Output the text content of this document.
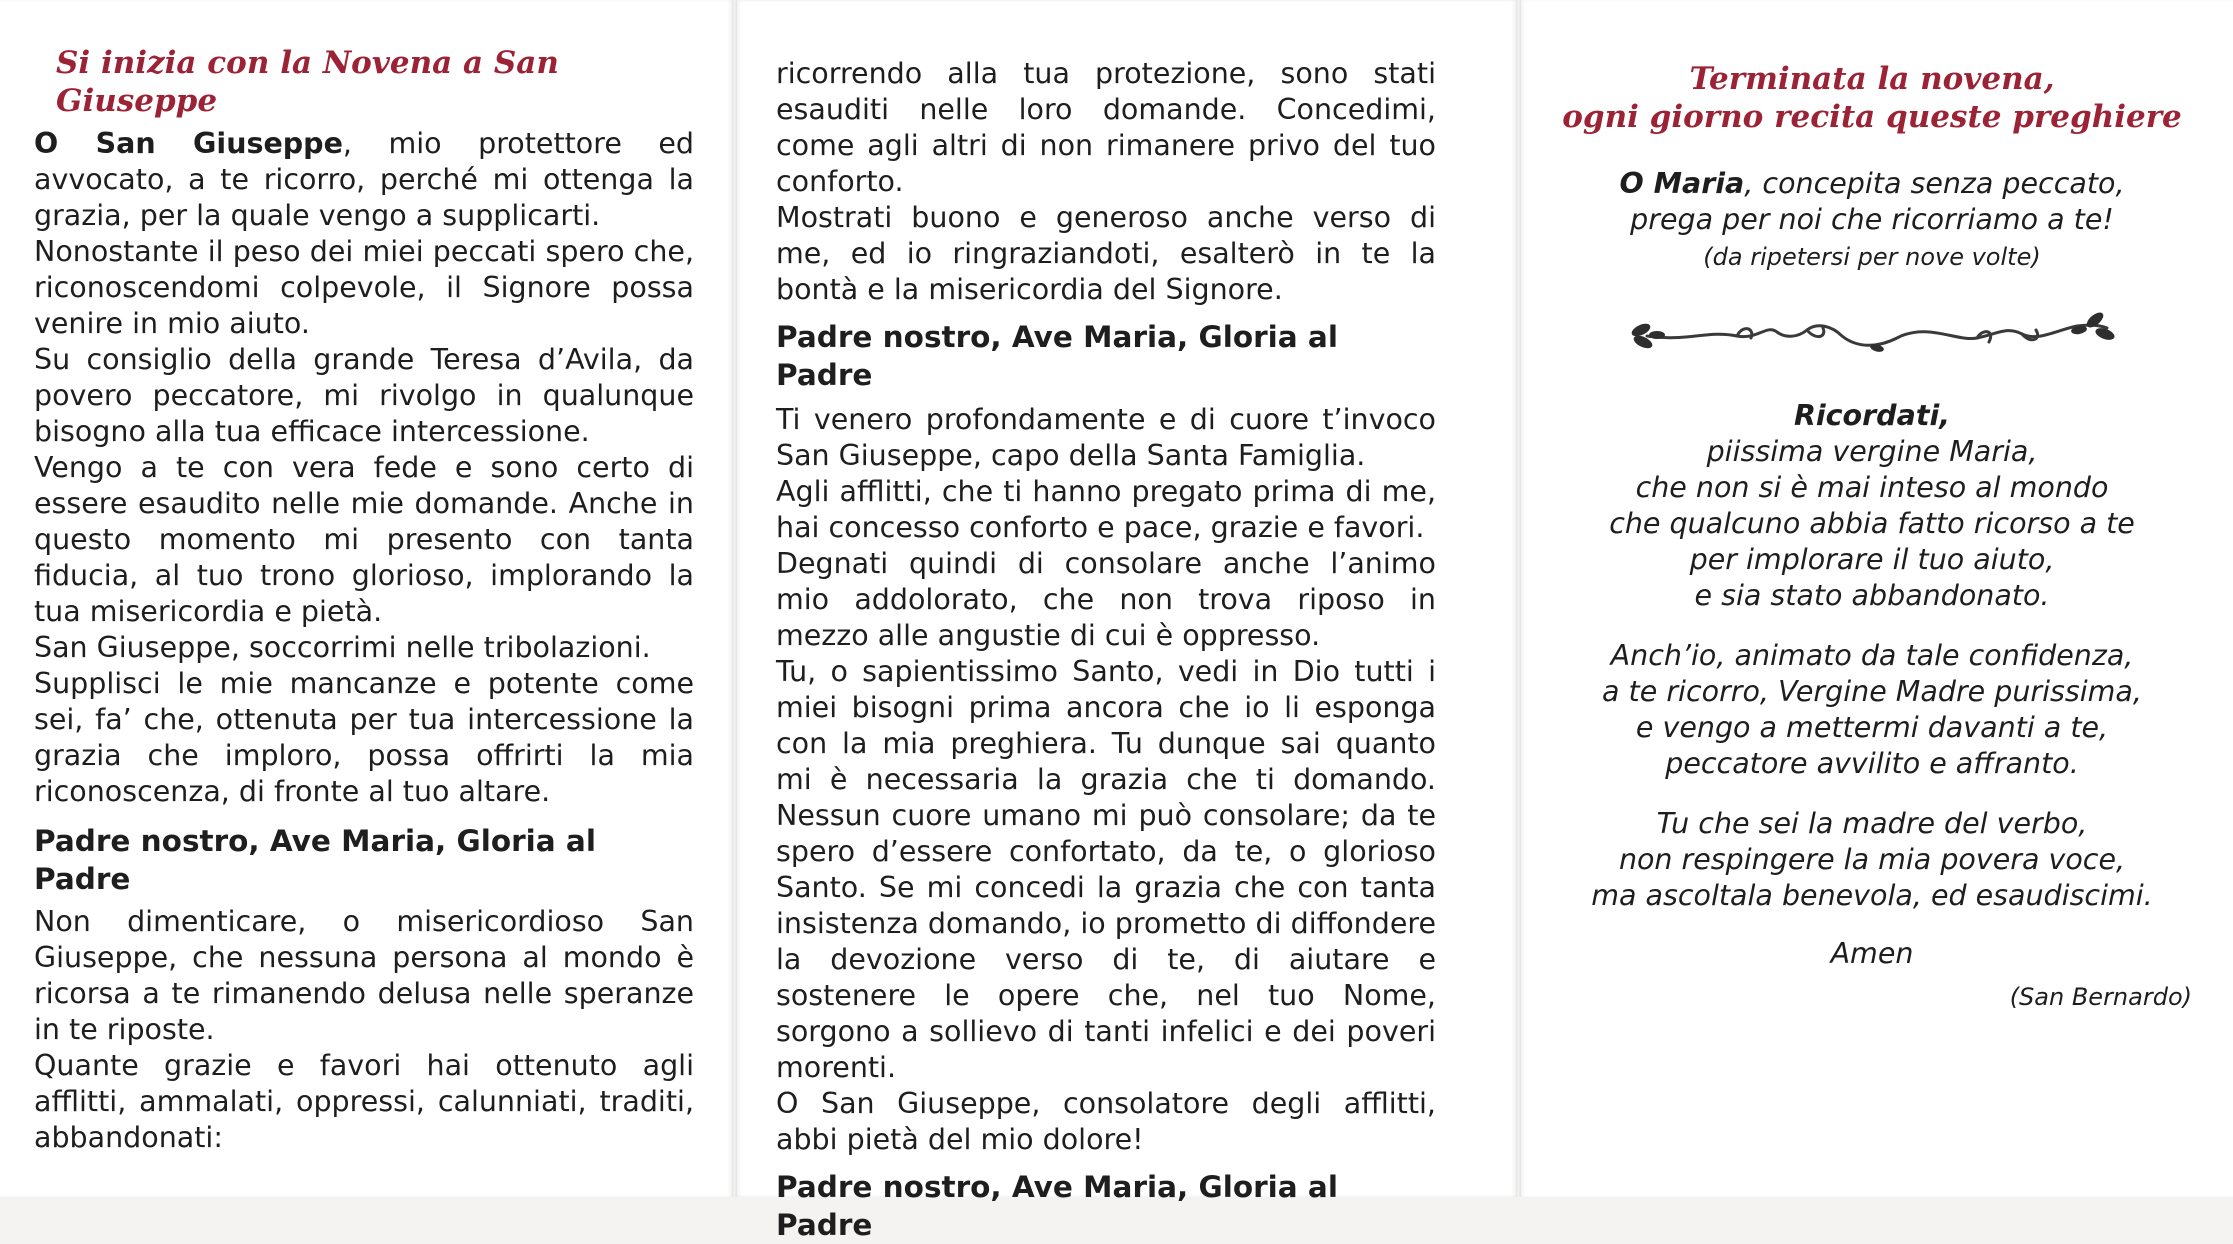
Si inizia con la Novena a San Giuseppe

O San Giuseppe, mio protettore ed avvocato, a te ricorro, perché mi ottenga la grazia, per la quale vengo a supplicarti.

Nonostante il peso dei miei peccati spero che, riconoscendomi colpevole, il Signore possa venire in mio aiuto.

Su consiglio della grande Teresa d’Avila, da povero peccatore, mi rivolgo in qualunque bisogno alla tua efficace intercessione.

Vengo a te con vera fede e sono certo di essere esaudito nelle mie domande. Anche in questo momento mi presento con tanta fiducia, al tuo trono glorioso, implorando la tua misericordia e pietà.

San Giuseppe, soccorrimi nelle tribolazioni.

Supplisci le mie mancanze e potente come sei, fa’ che, ottenuta per tua intercessione la grazia che imploro, possa offrirti la mia riconoscenza, di fronte al tuo altare.

Padre nostro, Ave Maria, Gloria al Padre

Non dimenticare, o misericordioso San Giuseppe, che nessuna persona al mondo è ricorsa a te rimanendo delusa nelle speranze in te riposte.

Quante grazie e favori hai ottenuto agli afflitti, ammalati, oppressi, calunniati, traditi, abbandonati:

ricorrendo alla tua protezione, sono stati esauditi nelle loro domande. Concedimi, come agli altri di non rimanere privo del tuo conforto.

Mostrati buono e generoso anche verso di me, ed io ringraziandoti, esalterò in te la bontà e la misericordia del Signore.

Padre nostro, Ave Maria, Gloria al Padre

Ti venero profondamente e di cuore t’invoco San Giuseppe, capo della Santa Famiglia.

Agli afflitti, che ti hanno pregato prima di me, hai concesso conforto e pace, grazie e favori.

Degnati quindi di consolare anche l’animo mio addolorato, che non trova riposo in mezzo alle angustie di cui è oppresso.

Tu, o sapientissimo Santo, vedi in Dio tutti i miei bisogni prima ancora che io li esponga con la mia preghiera. Tu dunque sai quanto mi è necessaria la grazia che ti domando. Nessun cuore umano mi può consolare; da te spero d’essere confortato, da te, o glorioso Santo. Se mi concedi la grazia che con tanta insistenza domando, io prometto di diffondere la devozione verso di te, di aiutare e sostenere le opere che, nel tuo Nome, sorgono a sollievo di tanti infelici e dei poveri morenti.

O San Giuseppe, consolatore degli afflitti, abbi pietà del mio dolore!

Padre nostro, Ave Maria, Gloria al Padre

Terminata la novena,

ogni giorno recita queste preghiere

O Maria, concepita senza peccato,

prega per noi che ricorriamo a te!

(da ripetersi per nove volte)

Ricordati,

piissima vergine Maria,

che non si è mai inteso al mondo

che qualcuno abbia fatto ricorso a te

per implorare il tuo aiuto,

e sia stato abbandonato.

Anch’io, animato da tale confidenza,

a te ricorro, Vergine Madre purissima,

e vengo a mettermi davanti a te,

peccatore avvilito e affranto.

Tu che sei la madre del verbo,

non respingere la mia povera voce,

ma ascoltala benevola, ed esaudiscimi.

Amen

(San Bernardo)
